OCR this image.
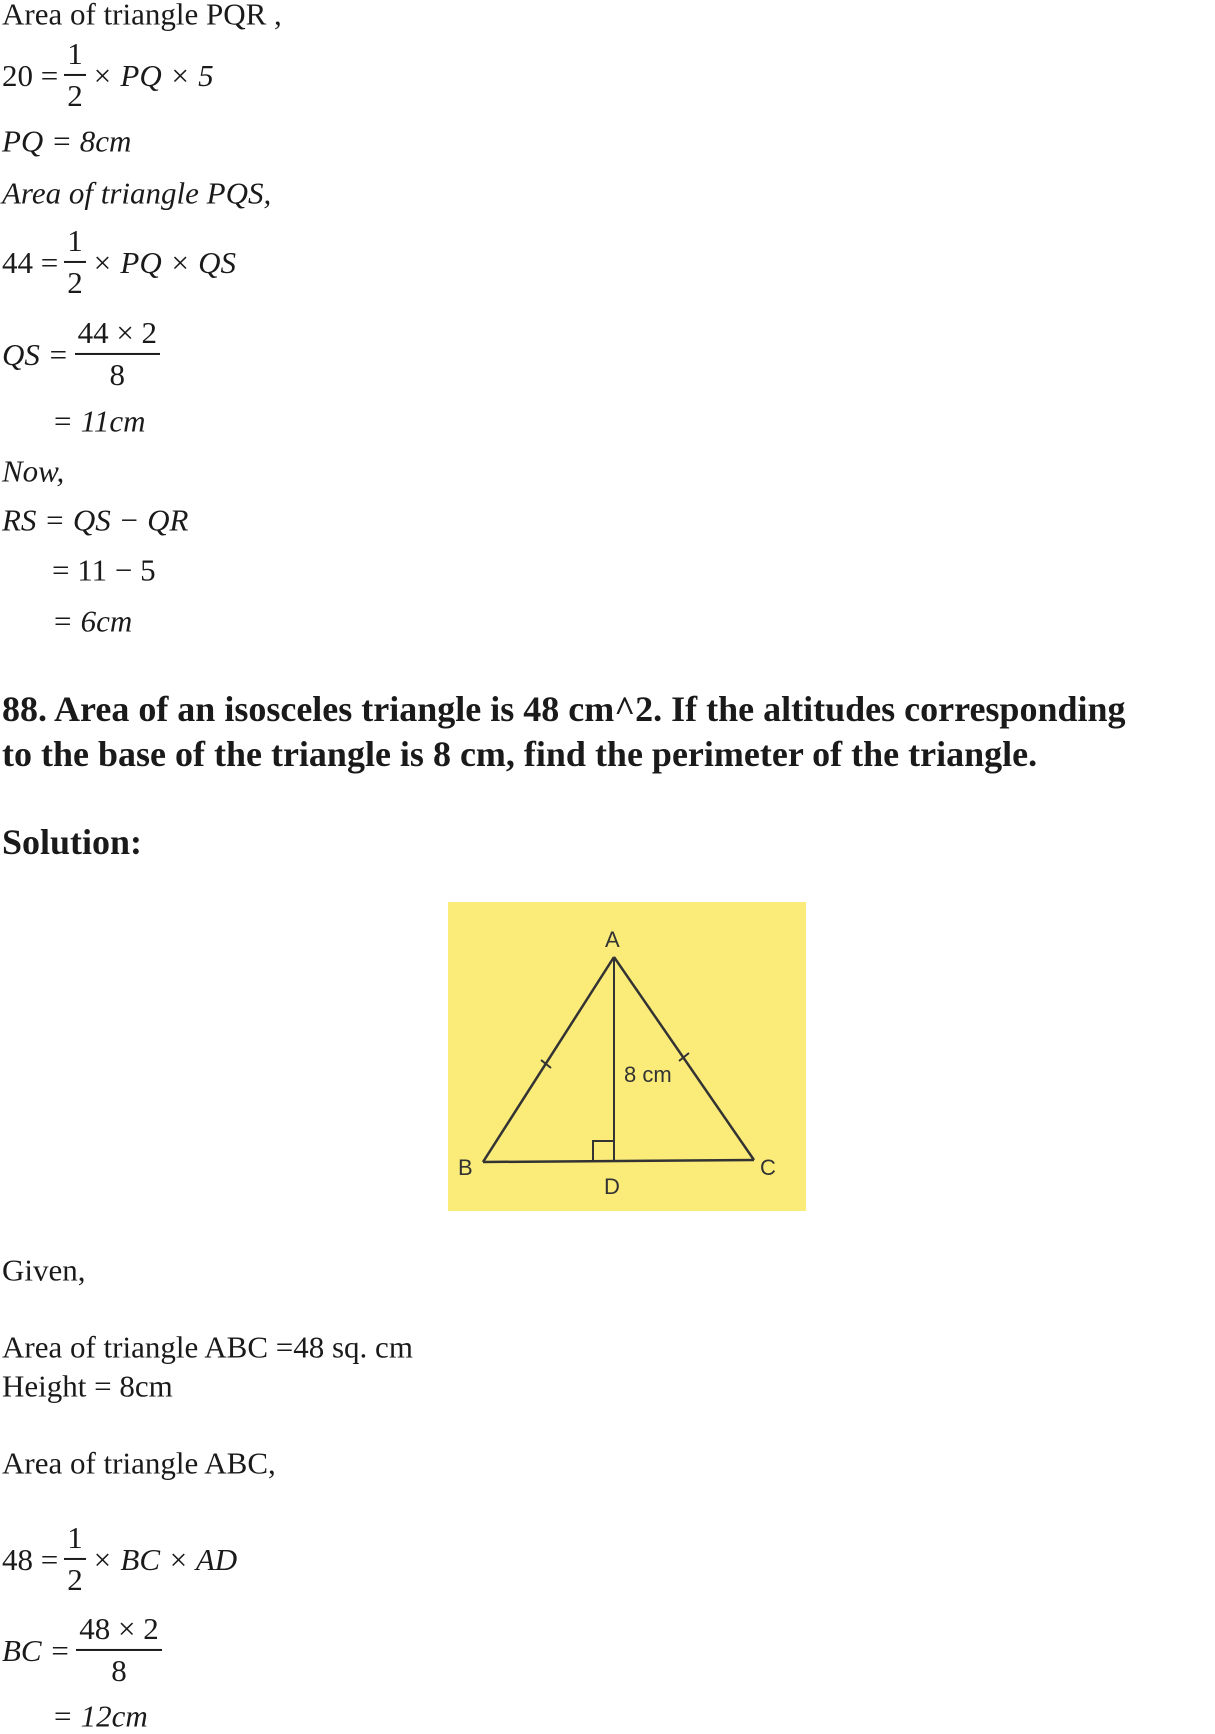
Area of triangle PQR ,
$20 = \frac{1}{2}$ × PQ × 5
PQ = 8cm
Area of triangle PQS,
$44 = \frac{1}{2}$ × PQ × QS
QS = $\frac{44 \times 2}{8}$
= 11cm
Now,
RS = QS − QR
= 11 − 5
= 6cm
88. Area of an isosceles triangle is 48 cm^2. If the altitudes corresponding
to the base of the triangle is 8 cm, find the perimeter of the triangle.
Solution:
A
B	C
D
8 cm
Given,
Area of triangle ABC =48 sq. cm
Height = 8cm
Area of triangle ABC,
$48 = \frac{1}{2}$ × BC × AD
BC = $\frac{48 \times 2}{8}$
= 12cm
